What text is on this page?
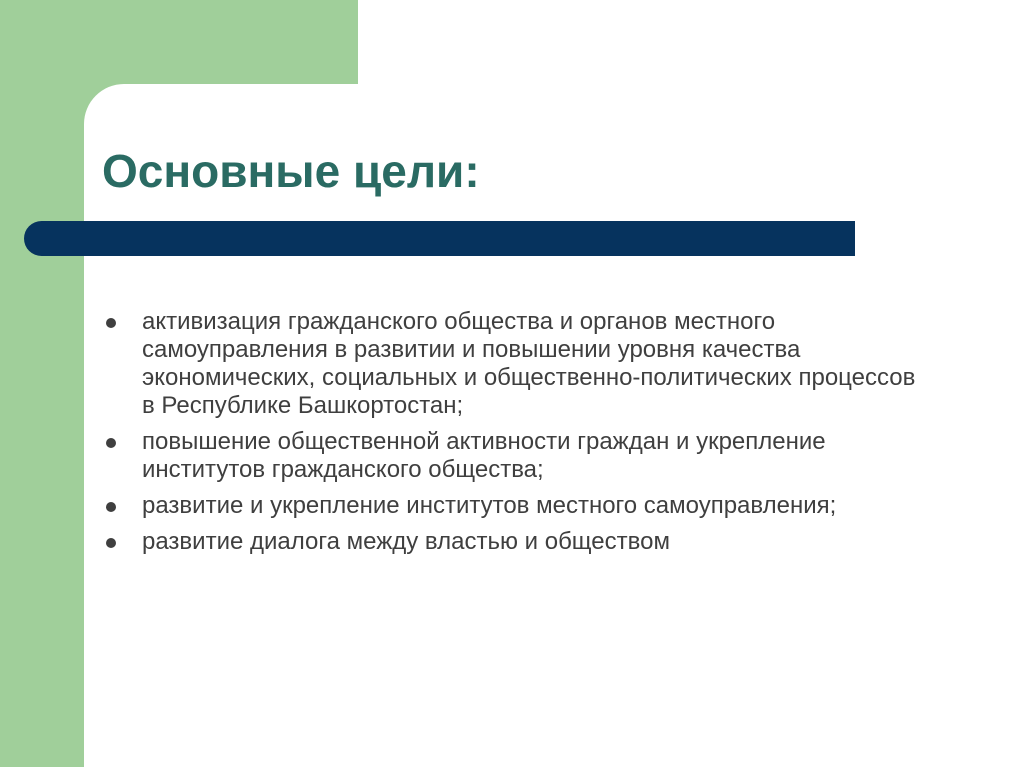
Основные цели:
активизация гражданского общества и органов местного самоуправления в развитии и повышении уровня качества экономических, социальных и общественно-политических процессов в Республике Башкортостан;
повышение общественной активности граждан и укрепление институтов гражданского общества;
развитие и укрепление институтов местного самоуправления;
развитие диалога между властью и обществом
